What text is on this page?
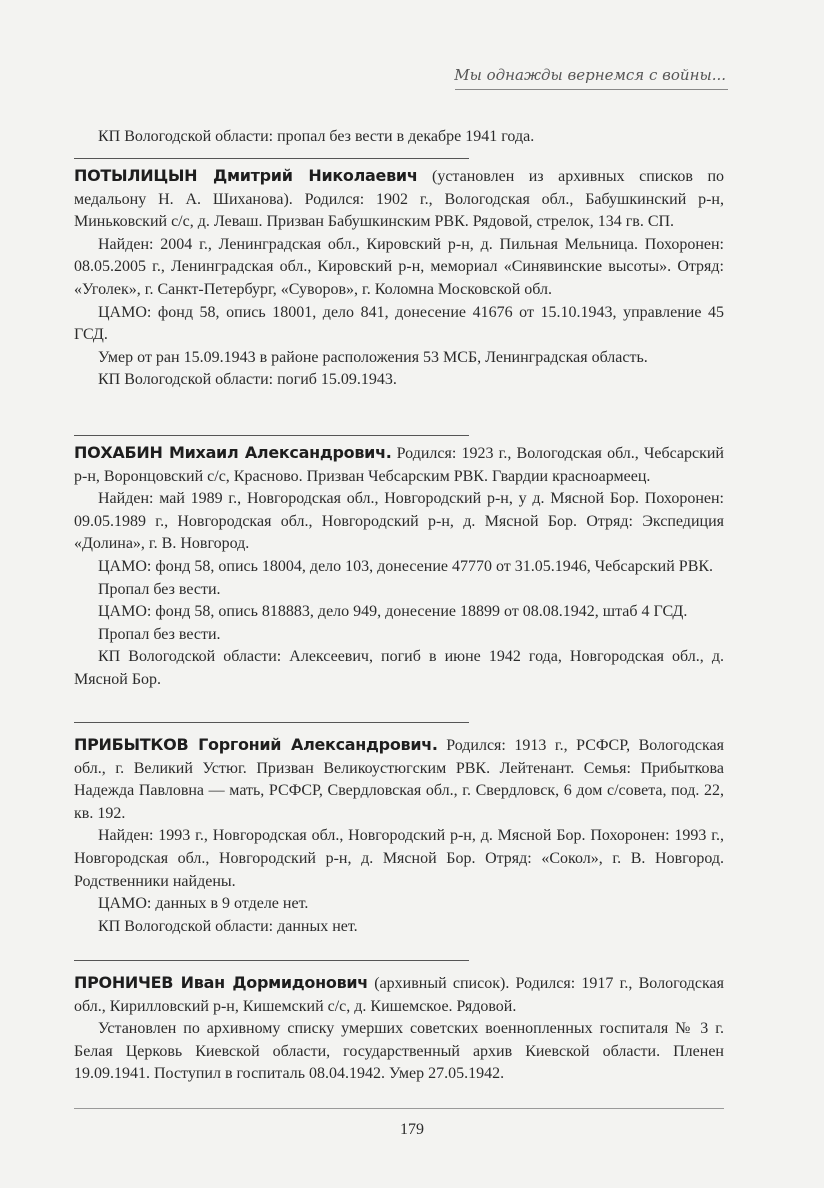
Мы однажды вернемся с войны...

КП Вологодской области: пропал без вести в декабре 1941 года.

ПОТЫЛИЦЫН Дмитрий Николаевич (установлен из архивных списков по медальону Н. А. Шиханова). Родился: 1902 г., Вологодская обл., Бабушкинский р-н, Миньковский с/с, д. Леваш. Призван Бабушкинским РВК. Рядовой, стрелок, 134 гв. СП.

Найден: 2004 г., Ленинградская обл., Кировский р-н, д. Пильная Мельница. Похоронен: 08.05.2005 г., Ленинградская обл., Кировский р-н, мемориал «Синявинские высоты». Отряд: «Уголек», г. Санкт-Петербург, «Суворов», г. Коломна Московской обл.

ЦАМО: фонд 58, опись 18001, дело 841, донесение 41676 от 15.10.1943, управление 45 ГСД.

Умер от ран 15.09.1943 в районе расположения 53 МСБ, Ленинградская область.

КП Вологодской области: погиб 15.09.1943.

ПОХАБИН Михаил Александрович. Родился: 1923 г., Вологодская обл., Чебсарский р-н, Воронцовский с/с, Красново. Призван Чебсарским РВК. Гвардии красноармеец.

Найден: май 1989 г., Новгородская обл., Новгородский р-н, у д. Мясной Бор. Похоронен: 09.05.1989 г., Новгородская обл., Новгородский р-н, д. Мясной Бор. Отряд: Экспедиция «Долина», г. В. Новгород.

ЦАМО: фонд 58, опись 18004, дело 103, донесение 47770 от 31.05.1946, Чебсарский РВК.

Пропал без вести.

ЦАМО: фонд 58, опись 818883, дело 949, донесение 18899 от 08.08.1942, штаб 4 ГСД.

Пропал без вести.

КП Вологодской области: Алексеевич, погиб в июне 1942 года, Новгородская обл., д. Мясной Бор.

ПРИБЫТКОВ Горгоний Александрович. Родился: 1913 г., РСФСР, Вологодская обл., г. Великий Устюг. Призван Великоустюгским РВК. Лейтенант. Семья: Прибыткова Надежда Павловна — мать, РСФСР, Свердловская обл., г. Свердловск, 6 дом с/совета, под. 22, кв. 192.

Найден: 1993 г., Новгородская обл., Новгородский р-н, д. Мясной Бор. Похоронен: 1993 г., Новгородская обл., Новгородский р-н, д. Мясной Бор. Отряд: «Сокол», г. В. Новгород. Родственники найдены.

ЦАМО: данных в 9 отделе нет.

КП Вологодской области: данных нет.

ПРОНИЧЕВ Иван Дормидонович (архивный список). Родился: 1917 г., Вологодская обл., Кирилловский р-н, Кишемский с/с, д. Кишемское. Рядовой.

Установлен по архивному списку умерших советских военнопленных госпиталя № 3 г. Белая Церковь Киевской области, государственный архив Киевской области. Пленен 19.09.1941. Поступил в госпиталь 08.04.1942. Умер 27.05.1942.

179
